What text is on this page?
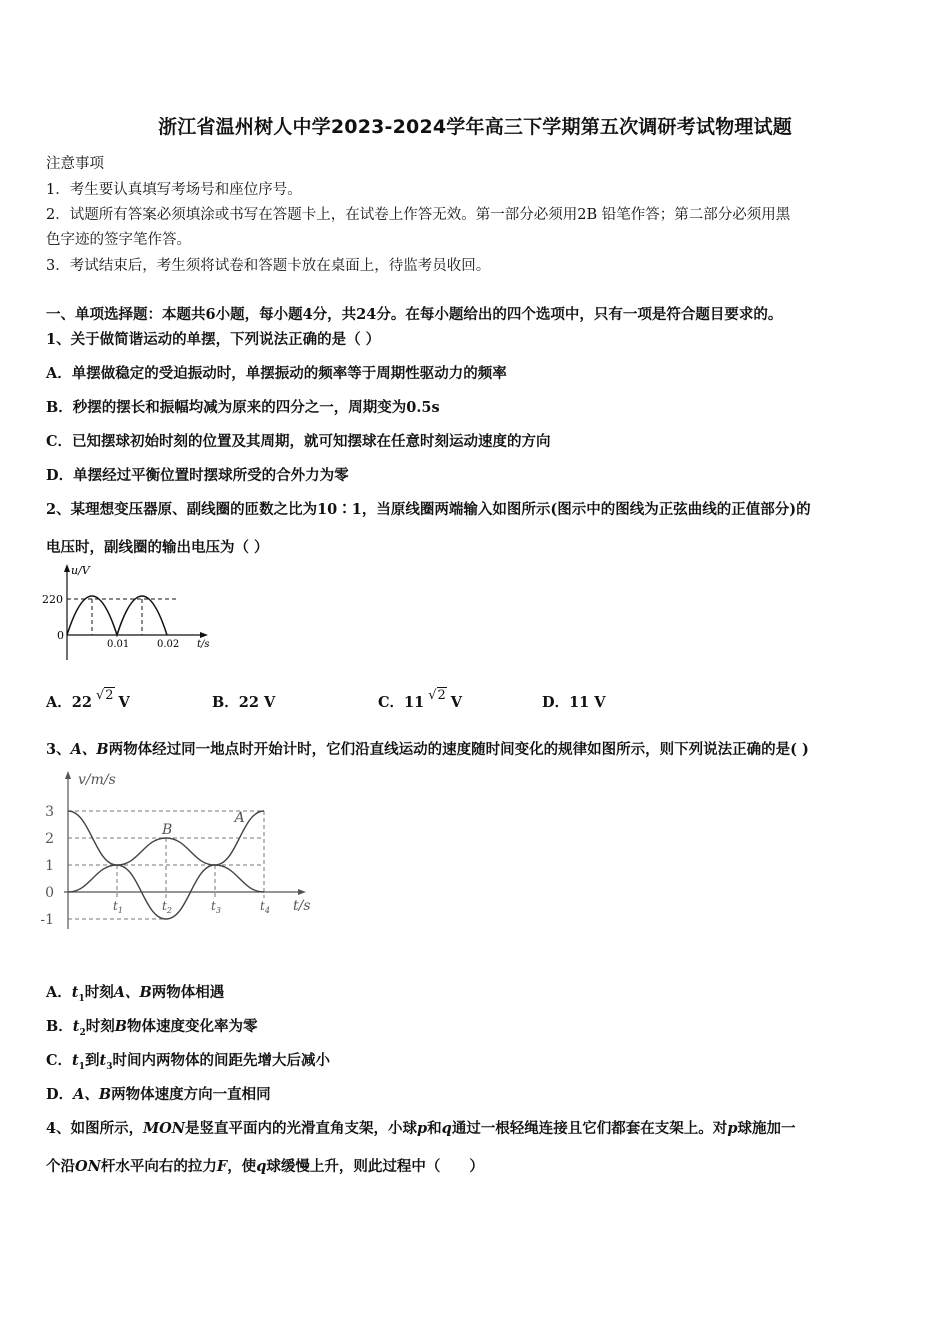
浙江省温州树人中学2023-2024学年高三下学期第五次调研考试物理试题
注意事项
1．考生要认真填写考场号和座位序号。
2．试题所有答案必须填涂或书写在答题卡上，在试卷上作答无效。第一部分必须用2B 铅笔作答；第二部分必须用黑
色字迹的签字笔作答。
3．考试结束后，考生须将试卷和答题卡放在桌面上，待监考员收回。
一、单项选择题：本题共6小题，每小题4分，共24分。在每小题给出的四个选项中，只有一项是符合题目要求的。
1、关于做简谐运动的单摆，下列说法正确的是（ ）
A．单摆做稳定的受迫振动时，单摆振动的频率等于周期性驱动力的频率
B．秒摆的摆长和振幅均减为原来的四分之一，周期变为0.5s
C．已知摆球初始时刻的位置及其周期，就可知摆球在任意时刻运动速度的方向
D．单摆经过平衡位置时摆球所受的合外力为零
2、某理想变压器原、副线圈的匝数之比为10∶1，当原线圈两端输入如图所示(图示中的图线为正弦曲线的正值部分)的
电压时，副线圈的输出电压为（ ）
u/V
220
0
0.01	0.02 t/s
A．22 √2 V	B．22 V	C．11 √2 V	D．11 V
3、A、B两物体经过同一地点时开始计时，它们沿直线运动的速度随时间变化的规律如图所示，则下列说法正确的是( )
B
A
3
2
1
0
-1
$t_1$	$t_2$	$t_3$	$t_4$
v/m/s
t/s
A．$t_1$时刻A、B两物体相遇
B．$t_2$时刻B物体速度变化率为零
C．$t_1$到$t_3$时间内两物体的间距先增大后减小
D．A、B两物体速度方向一直相同
4、如图所示，MON是竖直平面内的光滑直角支架，小球p和q通过一根轻绳连接且它们都套在支架上。对p球施加一
个沿ON杆水平向右的拉力F，使q球缓慢上升，则此过程中（　　）
